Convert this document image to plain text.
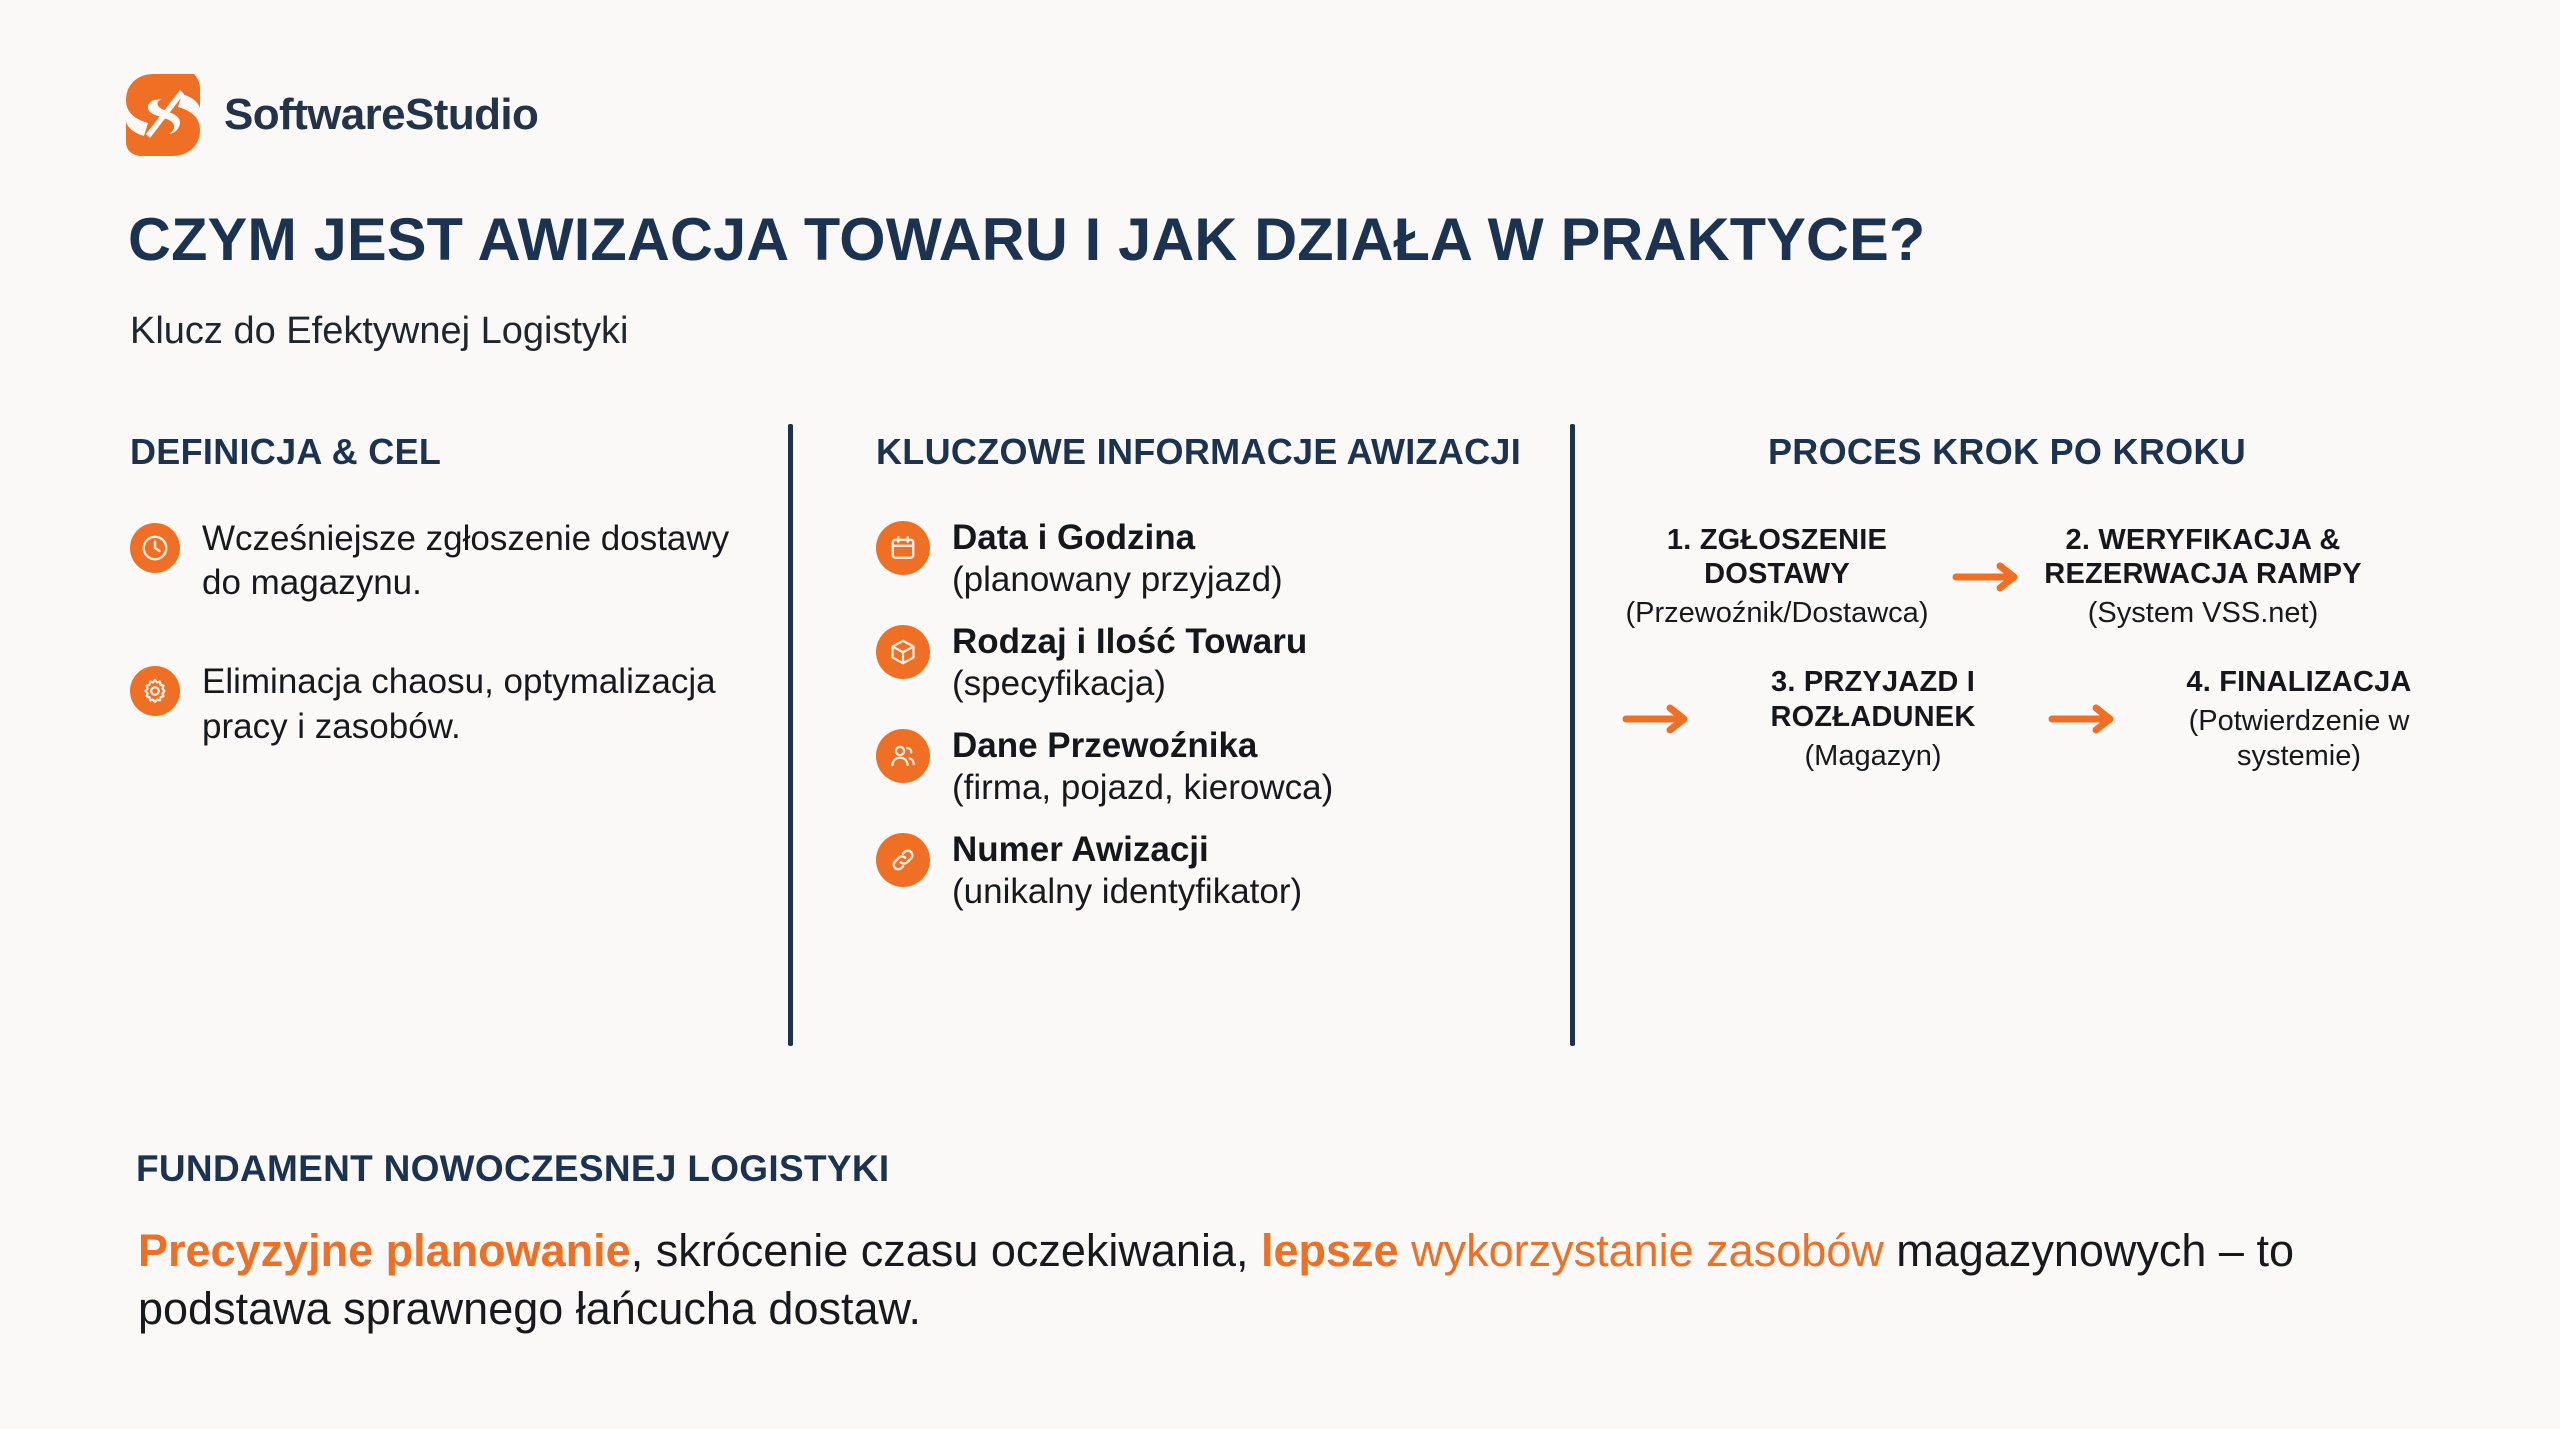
SoftwareStudio
CZYM JEST AWIZACJA TOWARU I JAK DZIAŁA W PRAKTYCE?
Klucz do Efektywnej Logistyki
DEFINICJA & CEL
Wcześniejsze zgłoszenie dostawy do magazynu.
Eliminacja chaosu, optymalizacja pracy i zasobów.
KLUCZOWE INFORMACJE AWIZACJI
Data i Godzina
(planowany przyjazd)
Rodzaj i Ilość Towaru
(specyfikacja)
Dane Przewoźnika
(firma, pojazd, kierowca)
Numer Awizacji
(unikalny identyfikator)
PROCES KROK PO KROKU
1. ZGŁOSZENIE DOSTAWY
(Przewoźnik/Dostawca)
2. WERYFIKACJA & REZERWACJA RAMPY
(System VSS.net)
3. PRZYJAZD I ROZŁADUNEK
(Magazyn)
4. FINALIZACJA
(Potwierdzenie w systemie)
FUNDAMENT NOWOCZESNEJ LOGISTYKI
Precyzyjne planowanie, skrócenie czasu oczekiwania, lepsze wykorzystanie zasobów magazynowych – to podstawa sprawnego łańcucha dostaw.
